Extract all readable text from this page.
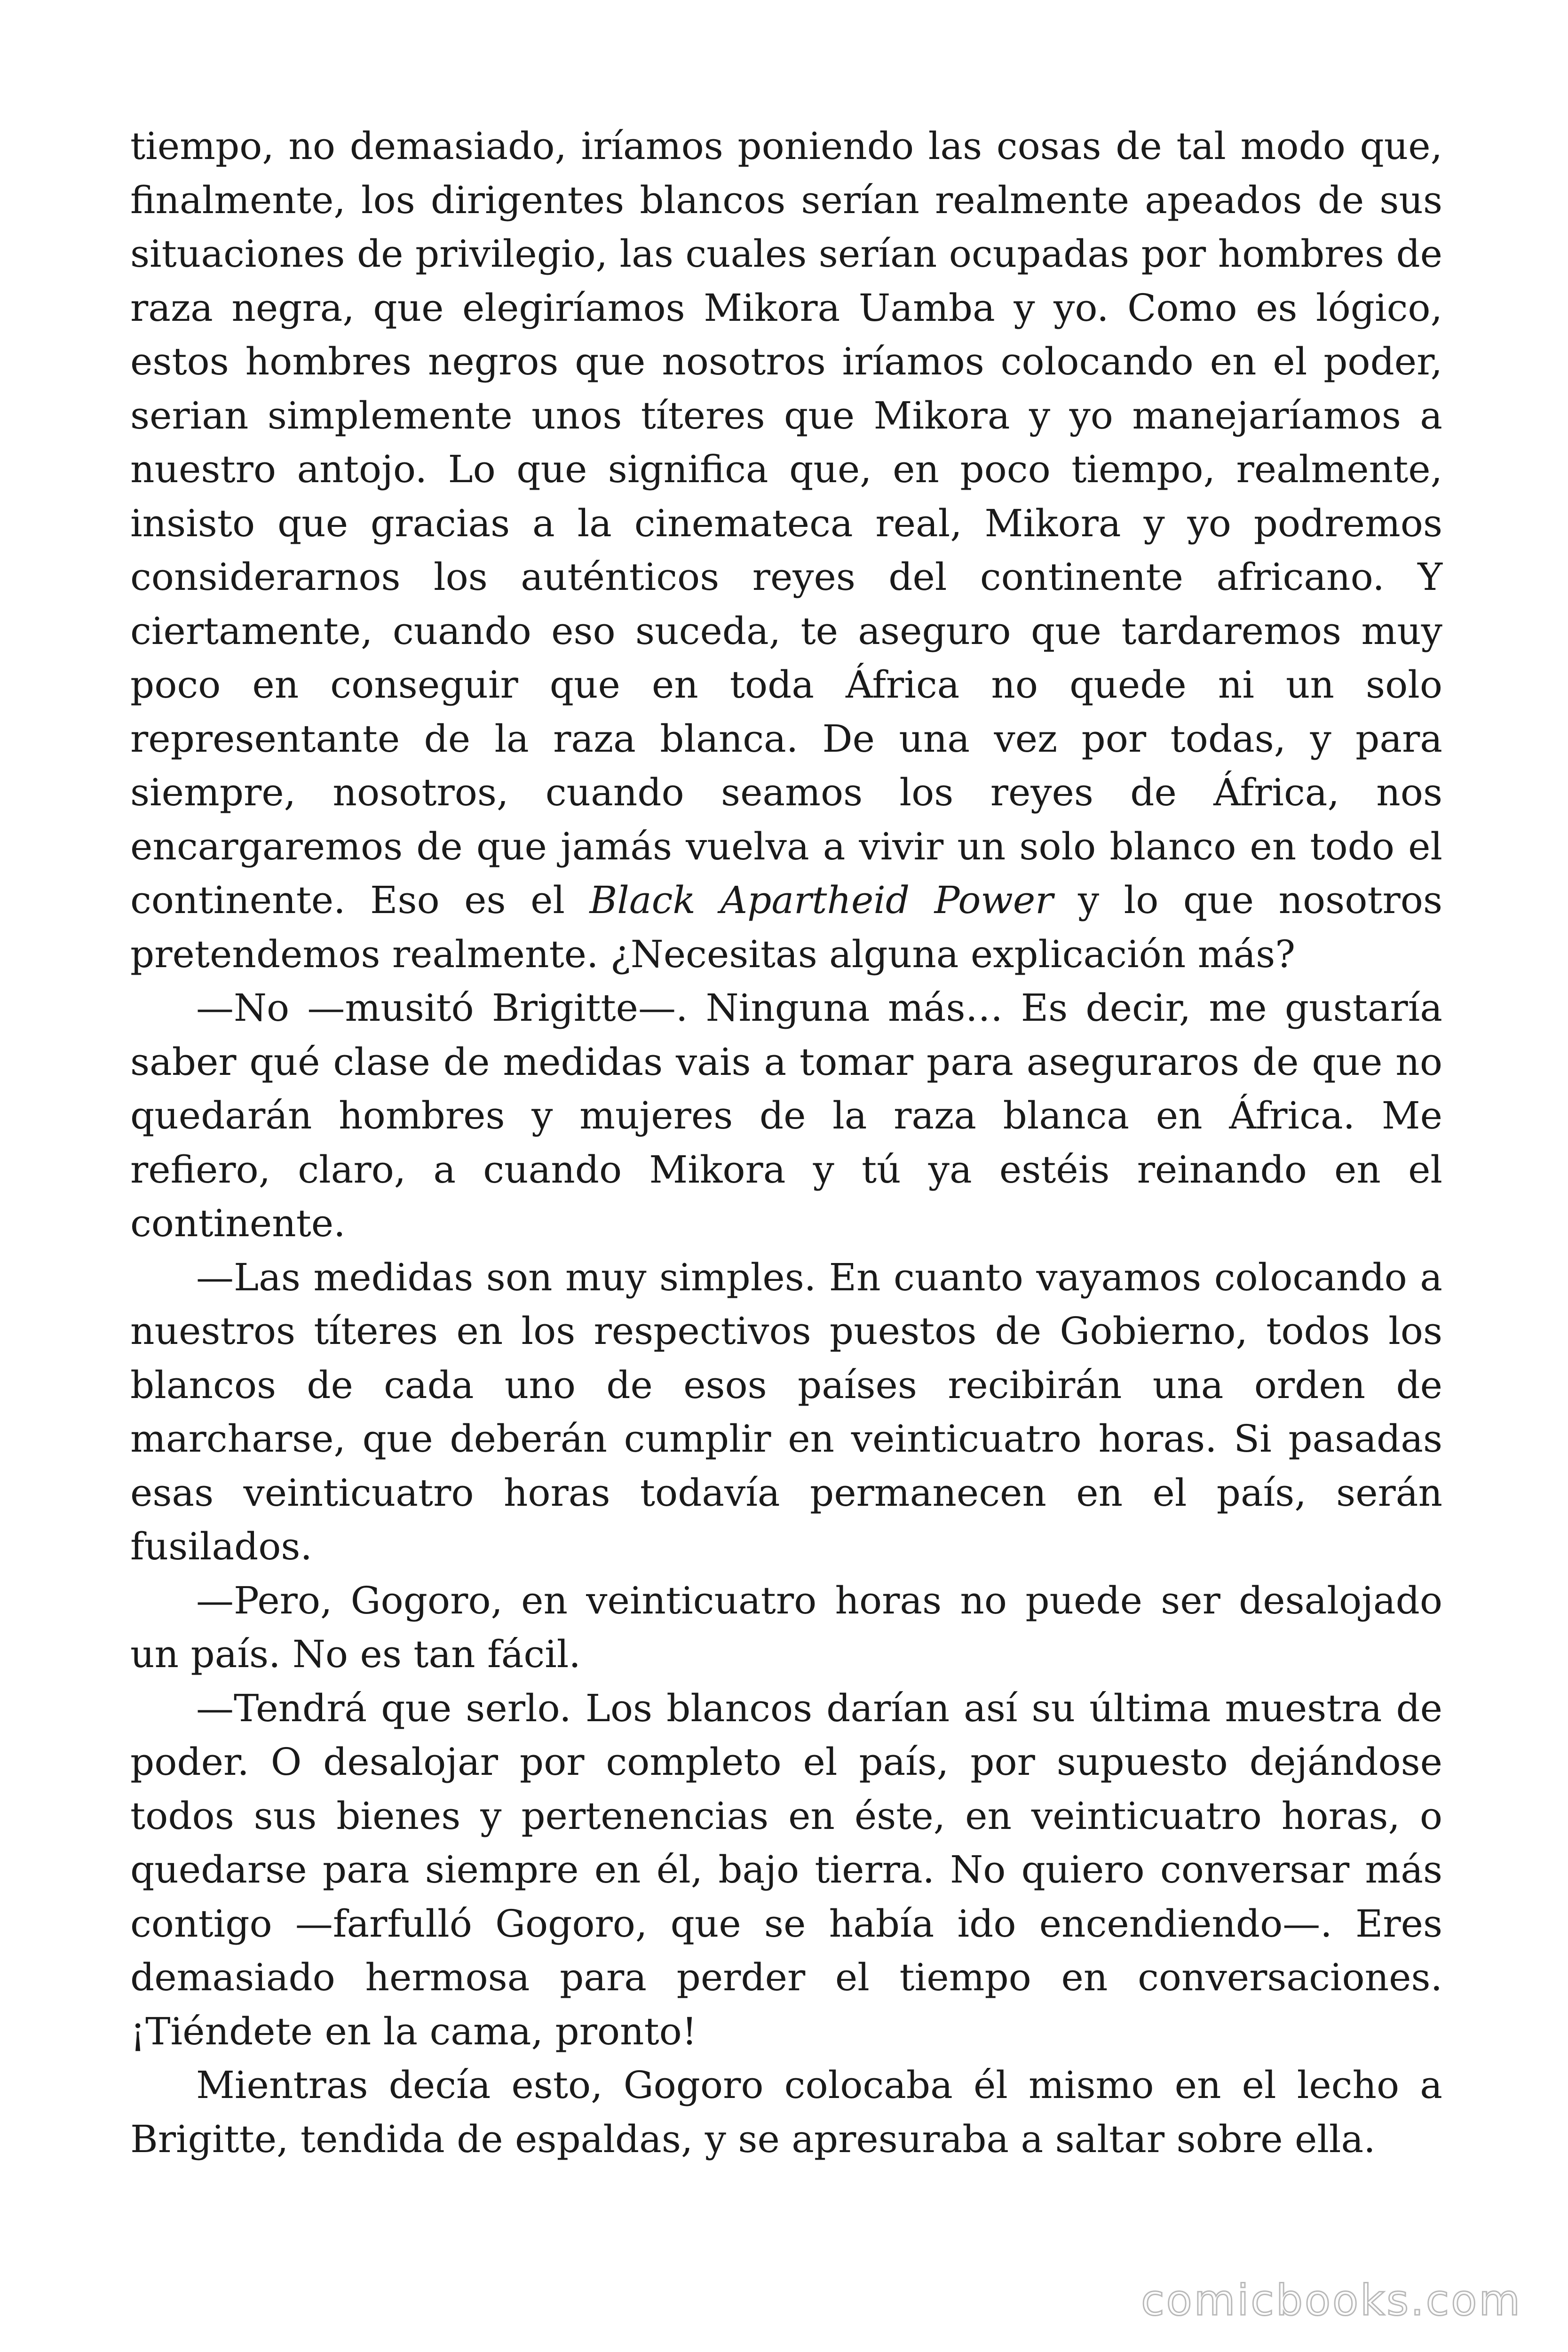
tiempo, no demasiado, iríamos poniendo las cosas de tal modo que, finalmente, los dirigentes blancos serían realmente apeados de sus situaciones de privilegio, las cuales serían ocupadas por hombres de raza negra, que elegiríamos Mikora Uamba y yo. Como es lógico, estos hombres negros que nosotros iríamos colocando en el poder, serian simplemente unos títeres que Mikora y yo manejaríamos a nuestro antojo. Lo que significa que, en poco tiempo, realmente, insisto que gracias a la cinemateca real, Mikora y yo podremos considerarnos los auténticos reyes del continente africano. Y ciertamente, cuando eso suceda, te aseguro que tardaremos muy poco en conseguir que en toda África no quede ni un solo representante de la raza blanca. De una vez por todas, y para siempre, nosotros, cuando seamos los reyes de África, nos encargaremos de que jamás vuelva a vivir un solo blanco en todo el continente. Eso es el Black Apartheid Power y lo que nosotros pretendemos realmente. ¿Necesitas alguna explicación más?

—No —musitó Brigitte—. Ninguna más… Es decir, me gustaría saber qué clase de medidas vais a tomar para aseguraros de que no quedarán hombres y mujeres de la raza blanca en África. Me refiero, claro, a cuando Mikora y tú ya estéis reinando en el continente.

—Las medidas son muy simples. En cuanto vayamos colocando a nuestros títeres en los respectivos puestos de Gobierno, todos los blancos de cada uno de esos países recibirán una orden de marcharse, que deberán cumplir en veinticuatro horas. Si pasadas esas veinticuatro horas todavía permanecen en el país, serán fusilados.

—Pero, Gogoro, en veinticuatro horas no puede ser desalojado un país. No es tan fácil.

—Tendrá que serlo. Los blancos darían así su última muestra de poder. O desalojar por completo el país, por supuesto dejándose todos sus bienes y pertenencias en éste, en veinticuatro horas, o quedarse para siempre en él, bajo tierra. No quiero conversar más contigo —farfulló Gogoro, que se había ido encendiendo—. Eres demasiado hermosa para perder el tiempo en conversaciones. ¡Tiéndete en la cama, pronto!

Mientras decía esto, Gogoro colocaba él mismo en el lecho a Brigitte, tendida de espaldas, y se apresuraba a saltar sobre ella.

comicbooks.com
